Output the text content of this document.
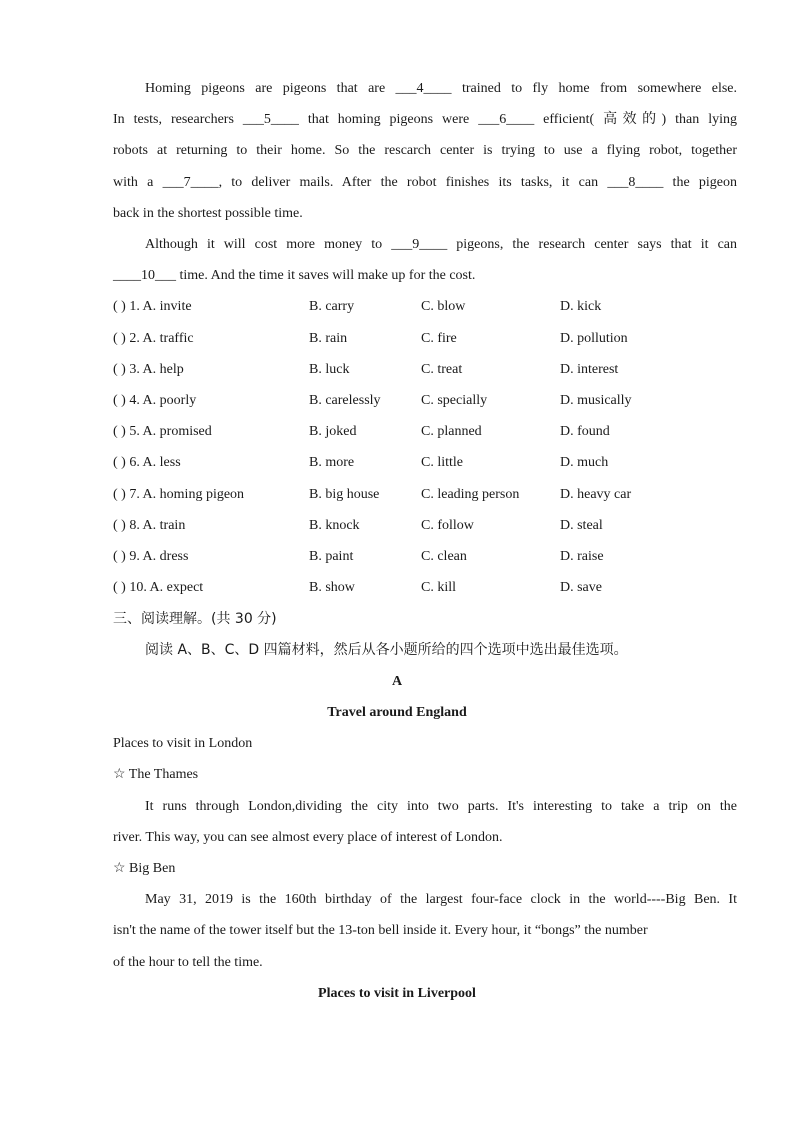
Homing pigeons are pigeons that are ___4____ trained to fly home from somewhere else.
In tests, researchers ___5____ that homing pigeons were ___6____ efficient( 高效的) than lying
robots at returning to their home. So the rescarch center is trying to use a flying robot, together
with a ___7____, to deliver mails. After the robot finishes its tasks, it can ___8____ the pigeon
back in the shortest possible time.
Although it will cost more money to ___9____ pigeons, the research center says that it can
____10___ time. And the time it saves will make up for the cost.
( ) 1. A. invite	B. carry	C. blow	D. kick
( ) 2. A. traffic	B. rain	C. fire	D. pollution
( ) 3. A. help	B. luck	C. treat	D. interest
( ) 4. A. poorly	B. carelessly	C. specially	D. musically
( ) 5. A. promised	B. joked	C. planned	D. found
( ) 6. A. less	B. more	C. little	D. much
( ) 7. A. homing pigeon	B. big house	C. leading person	D. heavy car
( ) 8. A. train	B. knock	C. follow	D. steal
( ) 9. A. dress	B. paint	C. clean	D. raise
( ) 10. A. expect	B. show	C. kill	D. save
三、阅读理解。(共 30 分)
阅读 A、B、C、D 四篇材料，然后从各小题所给的四个选项中选出最佳选项。
A
Travel around England
Places to visit in London
☆ The Thames
It runs through London,dividing the city into two parts. It's interesting to take a trip on the
river. This way, you can see almost every place of interest of London.
☆ Big Ben
May 31, 2019 is the 160th birthday of the largest four-face clock in the world----Big Ben. It
isn't the name of the tower itself but the 13-ton bell inside it. Every hour, it “bongs” the number
of the hour to tell the time.
Places to visit in Liverpool
